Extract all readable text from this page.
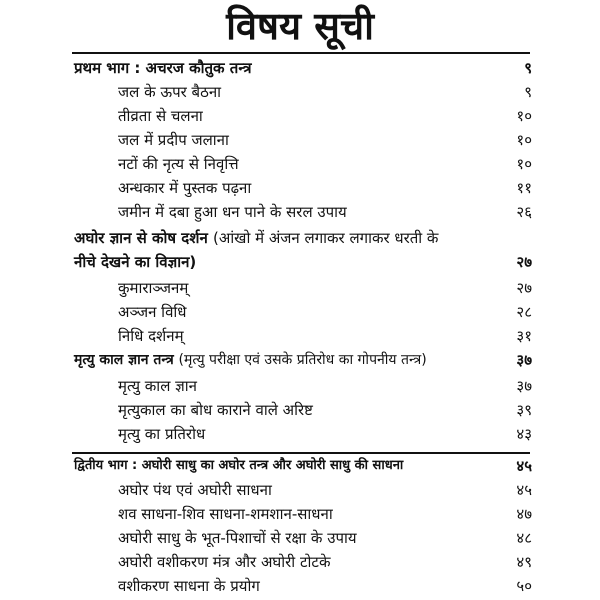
विषय सूची
प्रथम भाग : अचरज कौतुक तन्त्र	९
जल के ऊपर बैठना	९
तीव्रता से चलना	१०
जल में प्रदीप जलाना	१०
नटों की नृत्य से निवृत्ति	१०
अन्धकार में पुस्तक पढ़ना	११
जमीन में दबा हुआ धन पाने के सरल उपाय	२६
अघोर ज्ञान से कोष दर्शन (आंखो में अंजन लगाकर लगाकर धरती के
नीचे देखने का विज्ञान)	२७
कुमाराञ्जनम्	२७
अञ्जन विधि	२८
निधि दर्शनम्	३१
मृत्यु काल ज्ञान तन्त्र (मृत्यु परीक्षा एवं उसके प्रतिरोध का गोपनीय तन्त्र)	३७
मृत्यु काल ज्ञान	३७
मृत्युकाल का बोध काराने वाले अरिष्ट	३९
मृत्यु का प्रतिरोध	४३
द्वितीय भाग : अघोरी साधु का अघोर तन्त्र और अघोरी साधु की साधना	४५
अघोर पंथ एवं अघोरी साधना	४५
शव साधना-शिव साधना-शमशान-साधना	४७
अघोरी साधु के भूत-पिशाचों से रक्षा के उपाय	४८
अघोरी वशीकरण मंत्र और अघोरी टोटके	४९
वशीकरण साधना के प्रयोग	५०
